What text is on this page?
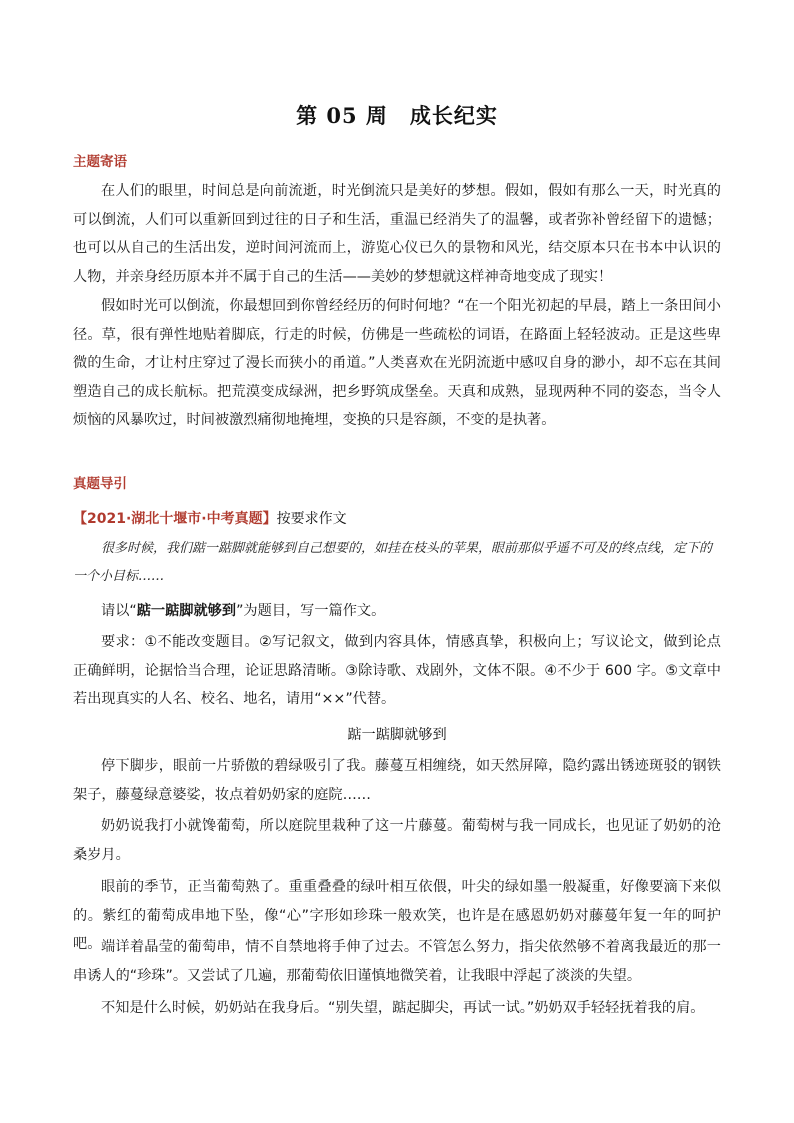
第 05 周　成长纪实
主题寄语

在人们的眼里，时间总是向前流逝，时光倒流只是美好的梦想。假如，假如有那么一天，时光真的可以倒流，人们可以重新回到过往的日子和生活，重温已经消失了的温馨，或者弥补曾经留下的遗憾；也可以从自己的生活出发，逆时间河流而上，游览心仪已久的景物和风光，结交原本只在书本中认识的人物，并亲身经历原本并不属于自己的生活——美妙的梦想就这样神奇地变成了现实！

假如时光可以倒流，你最想回到你曾经经历的何时何地？“在一个阳光初起的早晨，踏上一条田间小径。草，很有弹性地贴着脚底，行走的时候，仿佛是一些疏松的词语，在路面上轻轻波动。正是这些卑微的生命，才让村庄穿过了漫长而狭小的甬道。”人类喜欢在光阴流逝中感叹自身的渺小，却不忘在其间塑造自己的成长航标。把荒漠变成绿洲，把乡野筑成堡垒。天真和成熟，显现两种不同的姿态，当令人烦恼的风暴吹过，时间被激烈痛彻地掩埋，变换的只是容颜，不变的是执著。

真题导引
【2021·湖北十堰市·中考真题】按要求作文

很多时候，我们踮一踮脚就能够到自己想要的，如挂在枝头的苹果，眼前那似乎遥不可及的终点线，定下的一个小目标……

请以“踮一踮脚就够到”为题目，写一篇作文。

要求：①不能改变题目。②写记叙文，做到内容具体，情感真挚，积极向上；写议论文，做到论点正确鲜明，论据恰当合理，论证思路清晰。③除诗歌、戏剧外，文体不限。④不少于 600 字。⑤文章中若出现真实的人名、校名、地名，请用“××”代替。

踮一踮脚就够到

停下脚步，眼前一片骄傲的碧绿吸引了我。藤蔓互相缠绕，如天然屏障，隐约露出锈迹斑驳的钢铁架子，藤蔓绿意婆娑，妆点着奶奶家的庭院……

奶奶说我打小就馋葡萄，所以庭院里栽种了这一片藤蔓。葡萄树与我一同成长，也见证了奶奶的沧桑岁月。

眼前的季节，正当葡萄熟了。重重叠叠的绿叶相互依偎，叶尖的绿如墨一般凝重，好像要滴下来似的。紫红的葡萄成串地下坠，像“心”字形如珍珠一般欢笑，也许是在感恩奶奶对藤蔓年复一年的呵护吧。 端详着晶莹的葡萄串，情不自禁地将手伸了过去。不管怎么努力，指尖依然够不着离我最近的那一串诱人的“珍珠”。又尝试了几遍，那葡萄依旧谨慎地微笑着，让我眼中浮起了淡淡的失望。

不知是什么时候，奶奶站在我身后。“别失望，踮起脚尖，再试一试。”奶奶双手轻轻抚着我的肩。
